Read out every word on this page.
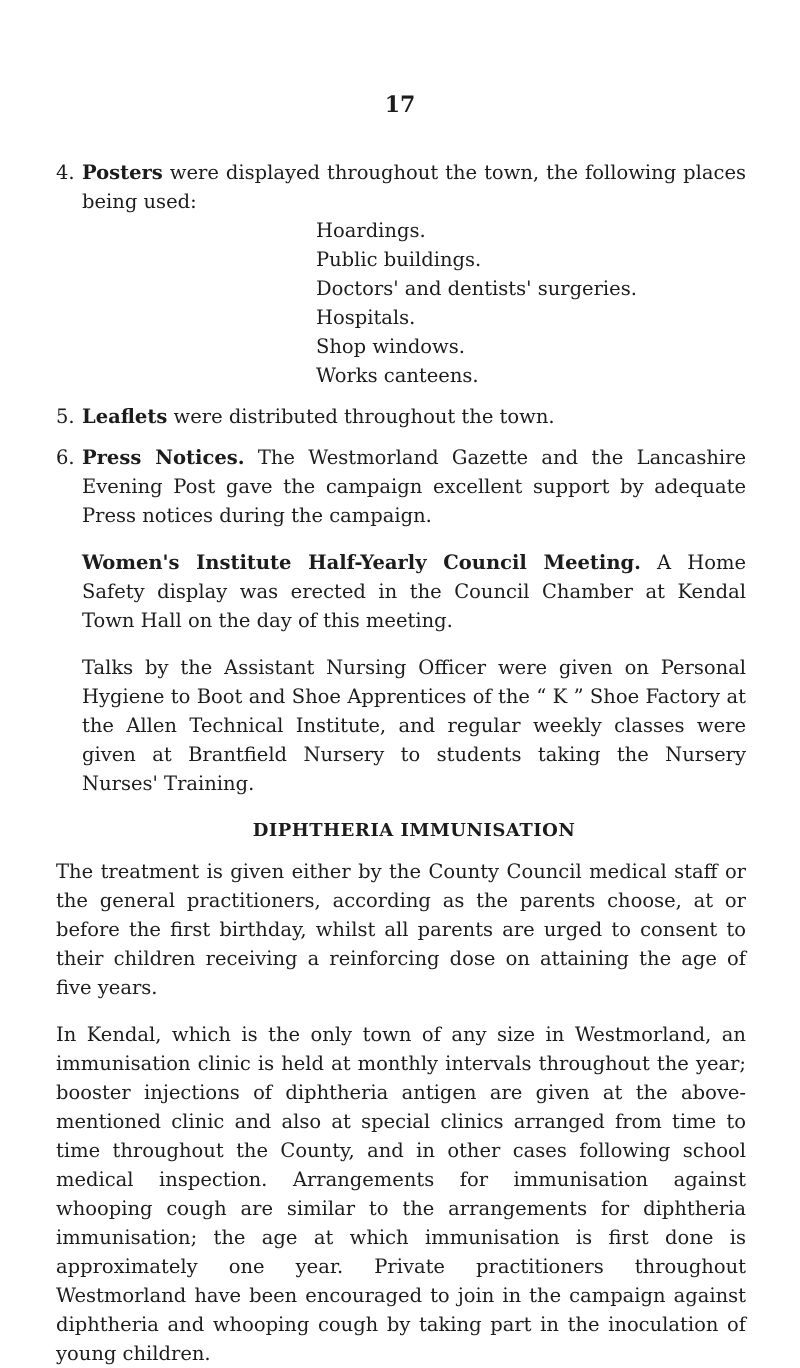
17
4. Posters were displayed throughout the town, the following places being used:
Hoardings.
Public buildings.
Doctors' and dentists' surgeries.
Hospitals.
Shop windows.
Works canteens.
5. Leaflets were distributed throughout the town.
6. Press Notices. The Westmorland Gazette and the Lancashire Evening Post gave the campaign excellent support by adequate Press notices during the campaign.

Women's Institute Half-Yearly Council Meeting. A Home Safety display was erected in the Council Chamber at Kendal Town Hall on the day of this meeting.

Talks by the Assistant Nursing Officer were given on Personal Hygiene to Boot and Shoe Apprentices of the “ K ” Shoe Factory at the Allen Technical Institute, and regular weekly classes were given at Brantfield Nursery to students taking the Nursery Nurses' Training.

DIPHTHERIA IMMUNISATION

The treatment is given either by the County Council medical staff or the general practitioners, according as the parents choose, at or before the first birthday, whilst all parents are urged to consent to their children receiving a reinforcing dose on attaining the age of five years.

In Kendal, which is the only town of any size in Westmorland, an immunisation clinic is held at monthly intervals throughout the year; booster injections of diphtheria antigen are given at the above-mentioned clinic and also at special clinics arranged from time to time throughout the County, and in other cases following school medical inspection. Arrangements for immunisation against whooping cough are similar to the arrangements for diphtheria immunisation; the age at which immunisation is first done is approximately one year. Private practitioners throughout Westmorland have been encouraged to join in the campaign against diphtheria and whooping cough by taking part in the inoculation of young children.
